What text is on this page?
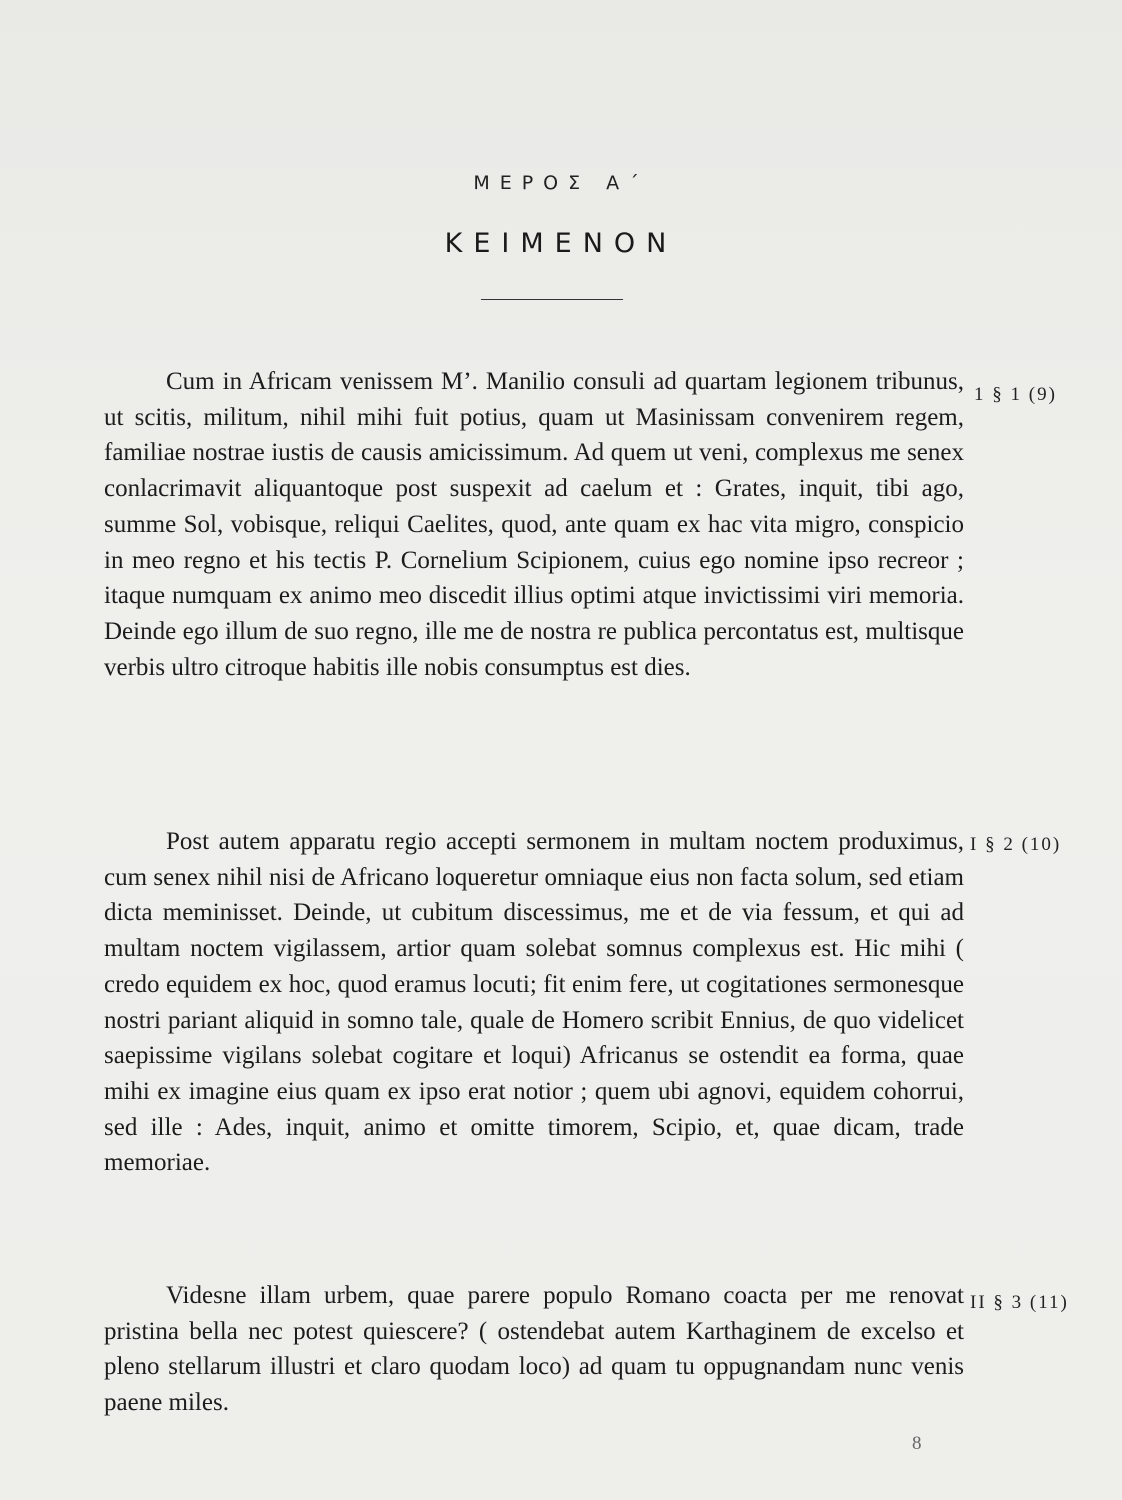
ΜΕΡΟΣ Α΄
ΚΕΙΜΕΝΟΝ

Cum in Africam venissem M’. Manilio consuli ad quartam legionem tribunus, ut scitis, militum, nihil mihi fuit potius, quam ut Masinissam convenirem regem, familiae nostrae iustis de causis amicissimum. Ad quem ut veni, complexus me senex conlacrimavit aliquantoque post suspexit ad caelum et : Grates, inquit, tibi ago, summe Sol, vobisque, reliqui Caelites, quod, ante quam ex hac vita migro, conspicio in meo regno et his tectis P. Cornelium Scipionem, cuius ego nomine ipso recreor ; itaque numquam ex animo meo discedit illius optimi atque invictissimi viri memoria. Deinde ego illum de suo regno, ille me de nostra re publica percontatus est, multisque verbis ultro citroque habitis ille nobis consumptus est dies.

1 § 1 (9)

Post autem apparatu regio accepti sermonem in multam noctem produximus, cum senex nihil nisi de Africano loqueretur omniaque eius non facta solum, sed etiam dicta meminisset. Deinde, ut cubitum discessimus, me et de via fessum, et qui ad multam noctem vigilassem, artior quam solebat somnus complexus est. Hic mihi ( credo equidem ex hoc, quod eramus locuti; fit enim fere, ut cogitationes sermonesque nostri pariant aliquid in somno tale, quale de Homero scribit Ennius, de quo videlicet saepissime vigilans solebat cogitare et loqui) Africanus se ostendit ea forma, quae mihi ex imagine eius quam ex ipso erat notior ; quem ubi agnovi, equidem cohorrui, sed ille : Ades, inquit, animo et omitte timorem, Scipio, et, quae dicam, trade memoriae.

I § 2 (10)

Videsne illam urbem, quae parere populo Romano coacta per me renovat pristina bella nec potest quiescere? ( ostendebat autem Karthaginem de excelso et pleno stellarum illustri et claro quodam loco) ad quam tu oppugnandam nunc venis paene miles.

II § 3 (11)
8
